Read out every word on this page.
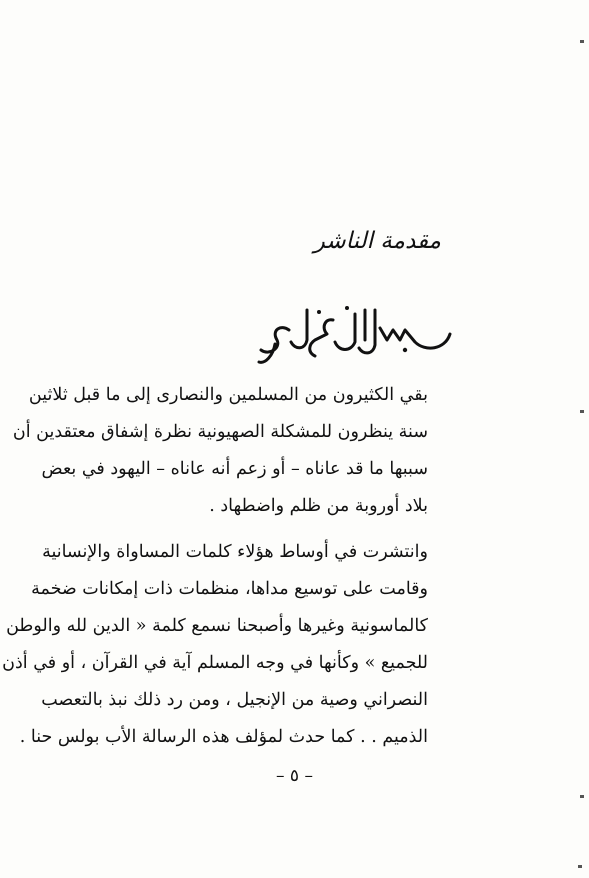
مقدمة الناشر
بقي الكثيرون من المسلمين والنصارى إلى ما قبل ثلاثين
سنة ينظرون للمشكلة الصهيونية نظرة إشفاق معتقدين أن
سببها ما قد عاناه – أو زعم أنه عاناه – اليهود في بعض
بلاد أوروبة من ظلم واضطهاد .
وانتشرت في أوساط هؤلاء كلمات المساواة والإنسانية
وقامت على توسيع مداها، منظمات ذات إمكانات ضخمة
كالماسونية وغيرها وأصبحنا نسمع كلمة « الدين لله والوطن
للجميع » وكأنها في وجه المسلم آية في القرآن ، أو في أذن
النصراني وصية من الإنجيل ، ومن رد ذلك نبذ بالتعصب
الذميم . . كما حدث لمؤلف هذه الرسالة الأب بولس حنا .
– ٥ –
